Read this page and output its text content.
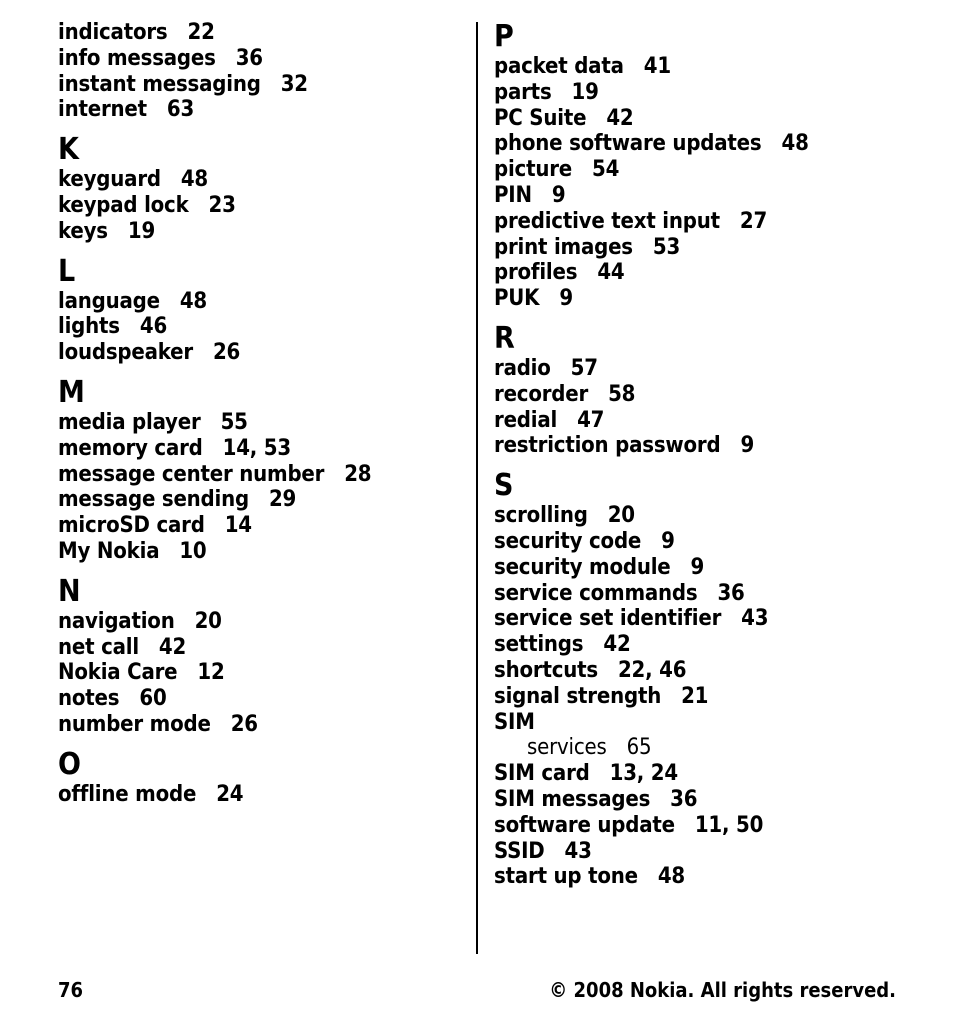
indicators 22
info messages 36
instant messaging 32
internet 63
K
keyguard 48
keypad lock 23
keys 19
L
language 48
lights 46
loudspeaker 26
M
media player 55
memory card 14, 53
message center number 28
message sending 29
microSD card 14
My Nokia 10
N
navigation 20
net call 42
Nokia Care 12
notes 60
number mode 26
O
offline mode 24
P
packet data 41
parts 19
PC Suite 42
phone software updates 48
picture 54
PIN 9
predictive text input 27
print images 53
profiles 44
PUK 9
R
radio 57
recorder 58
redial 47
restriction password 9
S
scrolling 20
security code 9
security module 9
service commands 36
service set identifier 43
settings 42
shortcuts 22, 46
signal strength 21
SIM
services 65
SIM card 13, 24
SIM messages 36
software update 11, 50
SSID 43
start up tone 48
76	© 2008 Nokia. All rights reserved.
